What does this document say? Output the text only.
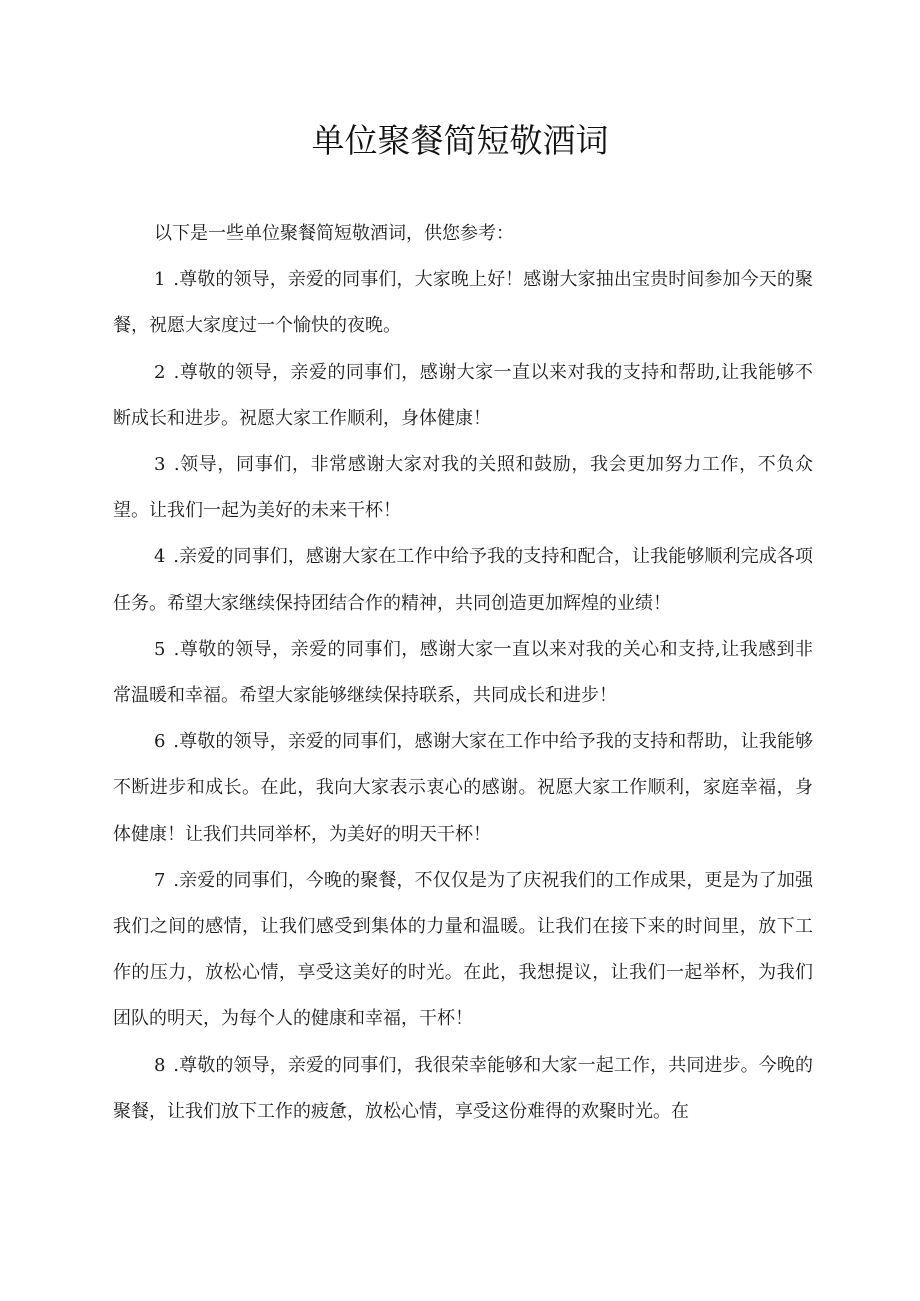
单位聚餐简短敬酒词

以下是一些单位聚餐简短敬酒词，供您参考：

1 .尊敬的领导，亲爱的同事们，大家晚上好！感谢大家抽出宝贵时间参加今天的聚餐，祝愿大家度过一个愉快的夜晚。

2 .尊敬的领导，亲爱的同事们，感谢大家一直以来对我的支持和帮助,让我能够不断成长和进步。祝愿大家工作顺利，身体健康！

3 .领导，同事们，非常感谢大家对我的关照和鼓励，我会更加努力工作，不负众望。让我们一起为美好的未来干杯！

4 .亲爱的同事们，感谢大家在工作中给予我的支持和配合，让我能够顺利完成各项任务。希望大家继续保持团结合作的精神，共同创造更加辉煌的业绩！

5 .尊敬的领导，亲爱的同事们，感谢大家一直以来对我的关心和支持,让我感到非常温暖和幸福。希望大家能够继续保持联系，共同成长和进步！

6 .尊敬的领导，亲爱的同事们，感谢大家在工作中给予我的支持和帮助，让我能够不断进步和成长。在此，我向大家表示衷心的感谢。祝愿大家工作顺利，家庭幸福，身体健康！让我们共同举杯，为美好的明天干杯！

7 .亲爱的同事们，今晚的聚餐，不仅仅是为了庆祝我们的工作成果，更是为了加强我们之间的感情，让我们感受到集体的力量和温暖。让我们在接下来的时间里，放下工作的压力，放松心情，享受这美好的时光。在此，我想提议，让我们一起举杯，为我们团队的明天，为每个人的健康和幸福，干杯！

8 .尊敬的领导，亲爱的同事们，我很荣幸能够和大家一起工作，共同进步。今晚的聚餐，让我们放下工作的疲惫，放松心情，享受这份难得的欢聚时光。在
